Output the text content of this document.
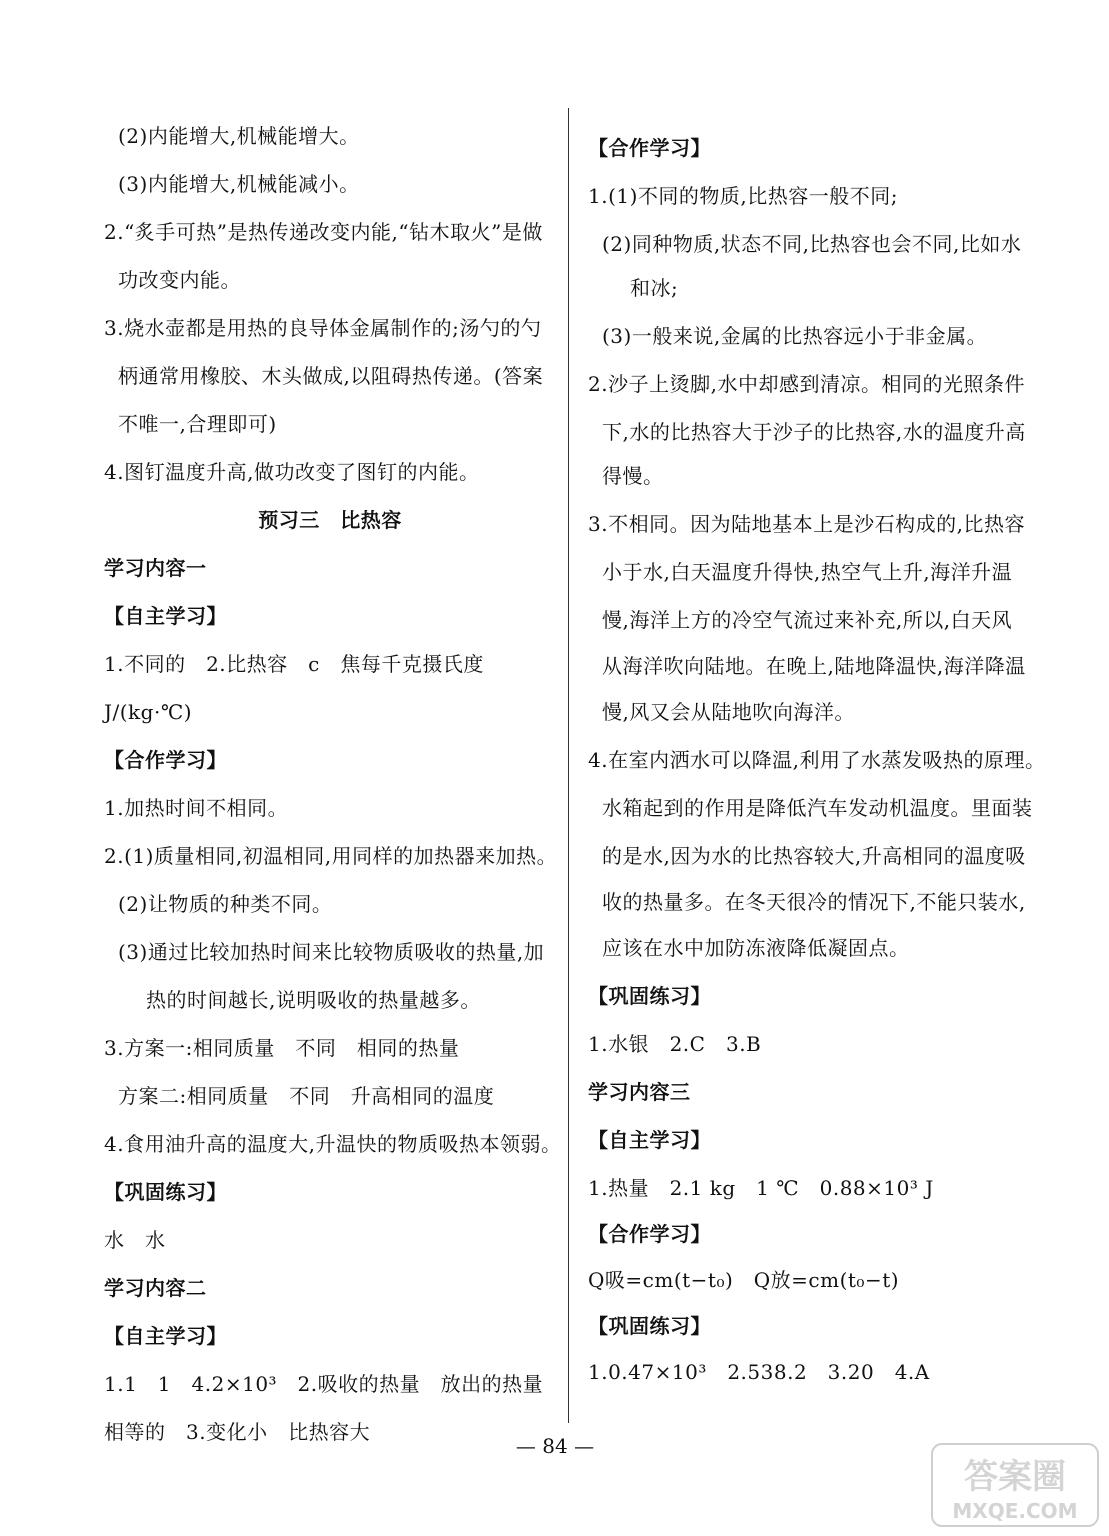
(2)内能增大,机械能增大。
(3)内能增大,机械能减小。
2.“炙手可热”是热传递改变内能,“钻木取火”是做
功改变内能。
3.烧水壶都是用热的良导体金属制作的;汤勺的勺
柄通常用橡胶、木头做成,以阻碍热传递。(答案
不唯一,合理即可)
4.图钉温度升高,做功改变了图钉的内能。
预习三　比热容
学习内容一
【自主学习】
1.不同的　2.比热容　c　焦每千克摄氏度
J/(kg·℃)
【合作学习】
1.加热时间不相同。
2.(1)质量相同,初温相同,用同样的加热器来加热。
(2)让物质的种类不同。
(3)通过比较加热时间来比较物质吸收的热量,加
热的时间越长,说明吸收的热量越多。
3.方案一:相同质量　不同　相同的热量
方案二:相同质量　不同　升高相同的温度
4.食用油升高的温度大,升温快的物质吸热本领弱。
【巩固练习】
水　水
学习内容二
【自主学习】
1.1　1　4.2×10³　2.吸收的热量　放出的热量
相等的　3.变化小　比热容大
【合作学习】
1.(1)不同的物质,比热容一般不同;
(2)同种物质,状态不同,比热容也会不同,比如水
和冰;
(3)一般来说,金属的比热容远小于非金属。
2.沙子上烫脚,水中却感到清凉。相同的光照条件
下,水的比热容大于沙子的比热容,水的温度升高
得慢。
3.不相同。因为陆地基本上是沙石构成的,比热容
小于水,白天温度升得快,热空气上升,海洋升温
慢,海洋上方的冷空气流过来补充,所以,白天风
从海洋吹向陆地。在晚上,陆地降温快,海洋降温
慢,风又会从陆地吹向海洋。
4.在室内洒水可以降温,利用了水蒸发吸热的原理。
水箱起到的作用是降低汽车发动机温度。里面装
的是水,因为水的比热容较大,升高相同的温度吸
收的热量多。在冬天很冷的情况下,不能只装水,
应该在水中加防冻液降低凝固点。
【巩固练习】
1.水银　2.C　3.B
学习内容三
【自主学习】
1.热量　2.1 kg　1 ℃　0.88×10³ J
【合作学习】
Q吸=cm(t−t₀)　Q放=cm(t₀−t)
【巩固练习】
1.0.47×10³　2.538.2　3.20　4.A
— 84 —
答案圈
MXQE.COM
